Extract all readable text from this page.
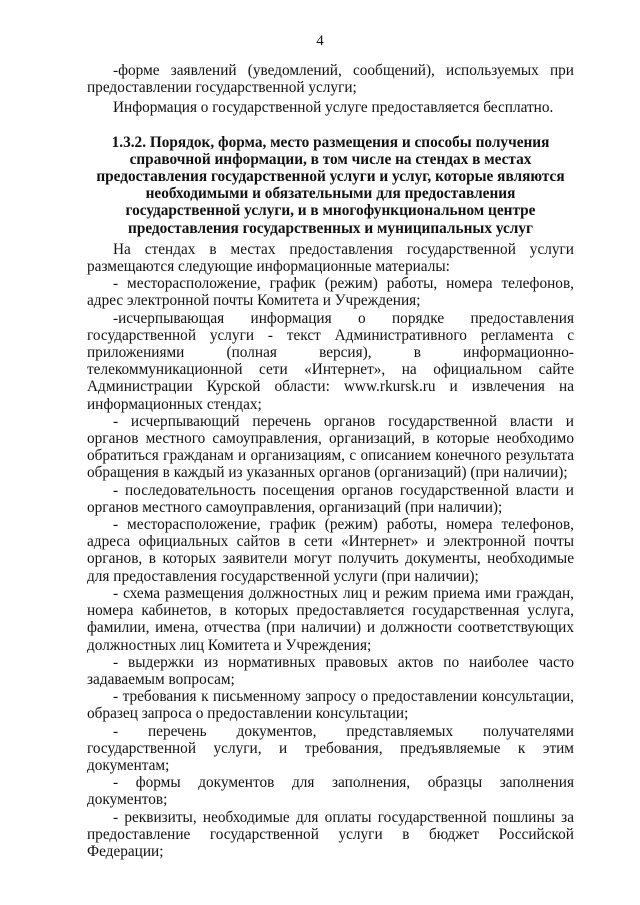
4

-форме заявлений (уведомлений, сообщений), используемых при предоставлении государственной услуги;

Информация о государственной услуге предоставляется бесплатно.

1.3.2. Порядок, форма, место размещения и способы получения справочной информации, в том числе на стендах в местах предоставления государственной услуги и услуг, которые являются необходимыми и обязательными для предоставления государственной услуги, и в многофункциональном центре предоставления государственных и муниципальных услуг

На стендах в местах предоставления государственной услуги размещаются следующие информационные материалы:

- месторасположение, график (режим) работы, номера телефонов, адрес электронной почты Комитета и Учреждения;

-исчерпывающая информация о порядке предоставления государственной услуги - текст Административного регламента с приложениями (полная версия), в информационно-телекоммуникационной сети «Интернет», на официальном сайте Администрации Курской области: www.rkursk.ru и извлечения на информационных стендах;

- исчерпывающий перечень органов государственной власти и органов местного самоуправления, организаций, в которые необходимо обратиться гражданам и организациям, с описанием конечного результата обращения в каждый из указанных органов (организаций) (при наличии);

- последовательность посещения органов государственной власти и органов местного самоуправления, организаций (при наличии);

- месторасположение, график (режим) работы, номера телефонов, адреса официальных сайтов в сети «Интернет» и электронной почты органов, в которых заявители могут получить документы, необходимые для предоставления государственной услуги (при наличии);

- схема размещения должностных лиц и режим приема ими граждан, номера кабинетов, в которых предоставляется государственная услуга, фамилии, имена, отчества (при наличии) и должности соответствующих должностных лиц Комитета и Учреждения;

- выдержки из нормативных правовых актов по наиболее часто задаваемым вопросам;

- требования к письменному запросу о предоставлении консультации, образец запроса о предоставлении консультации;

- перечень документов, представляемых получателями государственной услуги, и требования, предъявляемые к этим документам;

- формы документов для заполнения, образцы заполнения документов;

- реквизиты, необходимые для оплаты государственной пошлины за предоставление государственной услуги в бюджет Российской Федерации;
